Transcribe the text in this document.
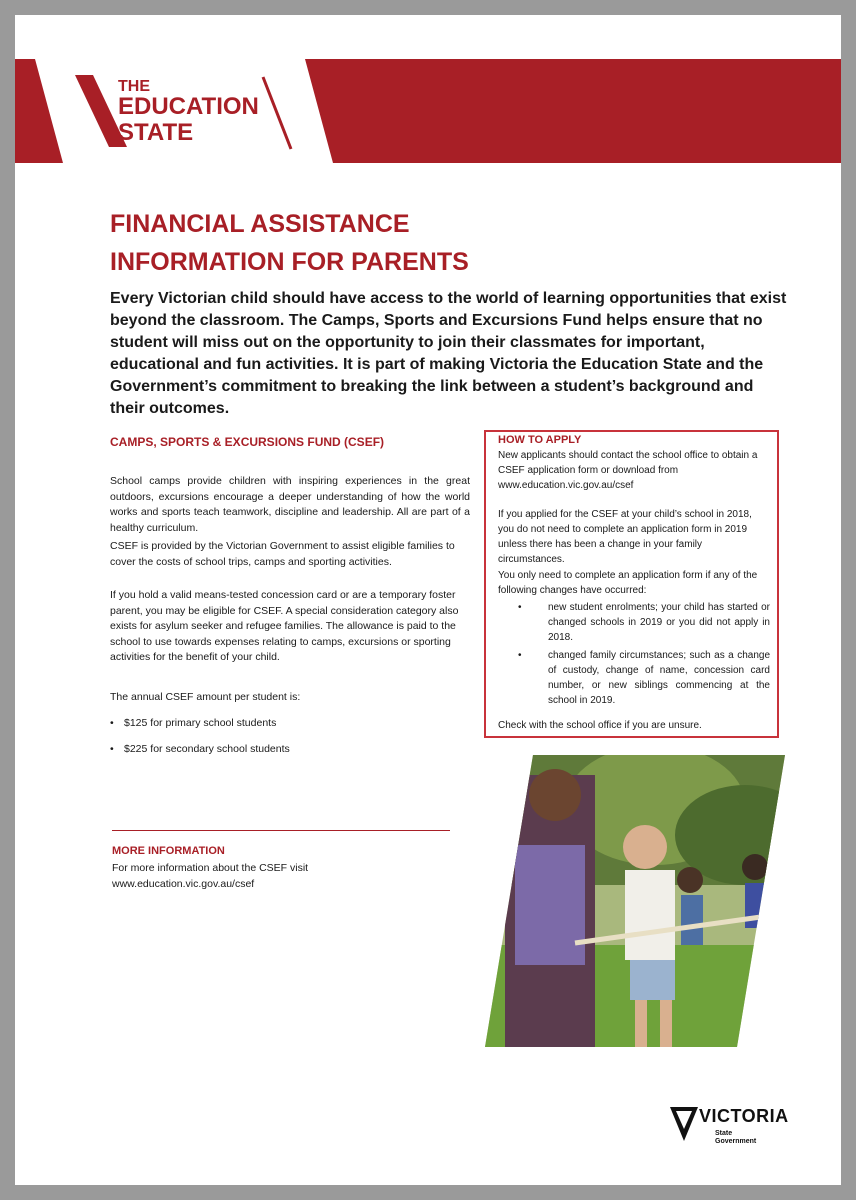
THE
EDUCATION
STATE
FINANCIAL ASSISTANCE
INFORMATION FOR PARENTS

Every Victorian child should have access to the world of learning opportunities that exist beyond the classroom. The Camps, Sports and Excursions Fund helps ensure that no student will miss out on the opportunity to join their classmates for important, educational and fun activities. It is part of making Victoria the Education State and the Government’s commitment to breaking the link between a student’s background and their outcomes.

CAMPS, SPORTS & EXCURSIONS FUND (CSEF)

School camps provide children with inspiring experiences in the great outdoors, excursions encourage a deeper understanding of how the world works and sports teach teamwork, discipline and leadership. All are part of a healthy curriculum.

CSEF is provided by the Victorian Government to assist eligible families to cover the costs of school trips, camps and sporting activities.

If you hold a valid means-tested concession card or are a temporary foster parent, you may be eligible for CSEF. A special consideration category also exists for asylum seeker and refugee families. The allowance is paid to the school to use towards expenses relating to camps, excursions or sporting activities for the benefit of your child.

The annual CSEF amount per student is:

• $125 for primary school students
• $225 for secondary school students
MORE INFORMATION

For more information about the CSEF visit

www.education.vic.gov.au/csef

HOW TO APPLY

New applicants should contact the school office to obtain a CSEF application form or download from www.education.vic.gov.au/csef

If you applied for the CSEF at your child’s school in 2018, you do not need to complete an application form in 2019 unless there has been a change in your family circumstances.

You only need to complete an application form if any of the following changes have occurred:

•	new student enrolments; your child has started or changed schools in 2019 or you did not apply in 2018.
•	changed family circumstances; such as a change of custody, change of name, concession card number, or new siblings commencing at the school in 2019.

Check with the school office if you are unsure.

VICTORIA

State
Government
